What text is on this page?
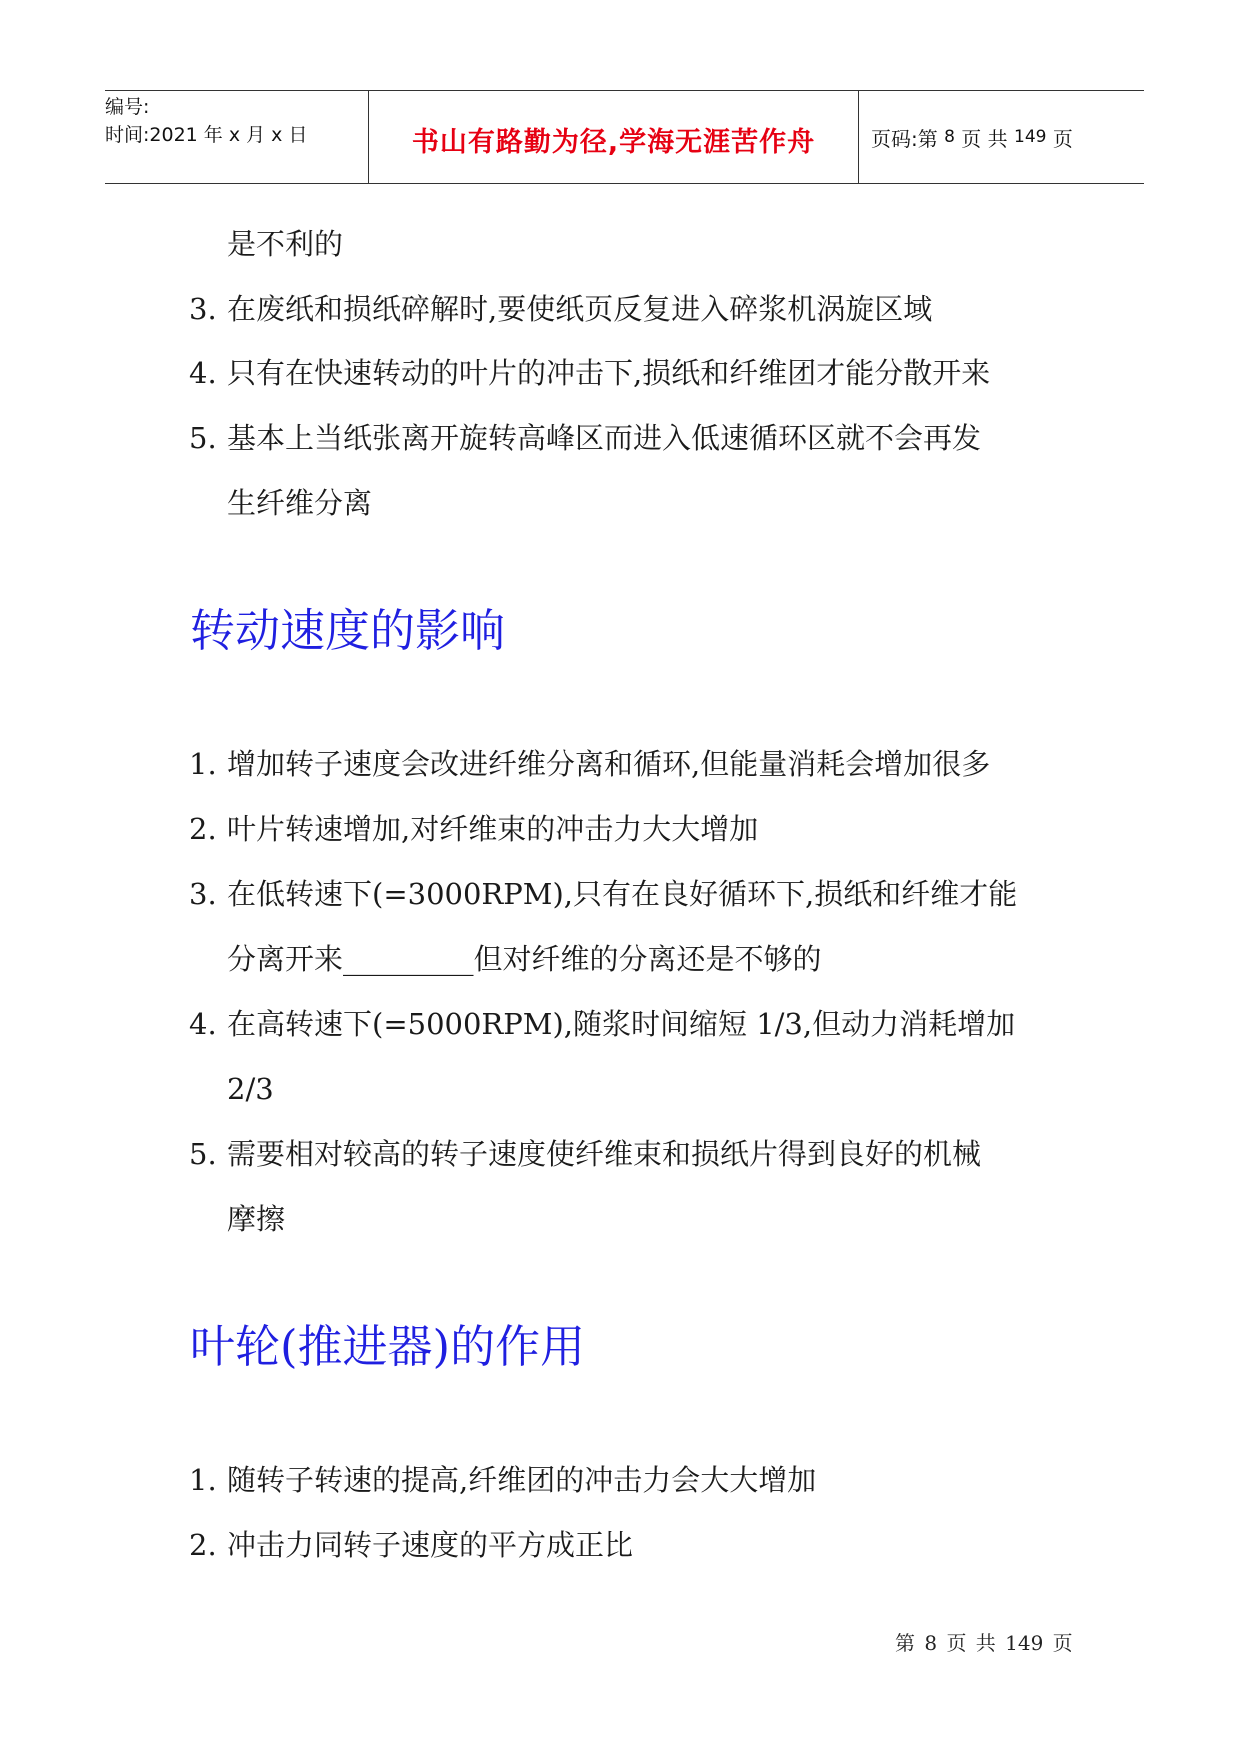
编号:
时间:2021 年 x 月 x 日	书山有路勤为径,学海无涯苦作舟	页码:第
8
页 共
149
页
是不利的
3. 在废纸和损纸碎解时,要使纸页反复进入碎浆机涡旋区域
4. 只有在快速转动的叶片的冲击下,损纸和纤维团才能分散开来
5. 基本上当纸张离开旋转高峰区而进入低速循环区就不会再发
生纤维分离
转动速度的影响
1. 增加转子速度会改进纤维分离和循环,但能量消耗会增加很多
2. 叶片转速增加,对纤维束的冲击力大大增加
3. 在低转速下(=3000RPM),只有在良好循环下,损纸和纤维才能
分离开来_________但对纤维的分离还是不够的
4. 在高转速下(=5000RPM),随浆时间缩短 1/3,但动力消耗增加
2/3
5. 需要相对较高的转子速度使纤维束和损纸片得到良好的机械
摩擦
叶轮(推进器)的作用
1. 随转子转速的提高,纤维团的冲击力会大大增加
2. 冲击力同转子速度的平方成正比
第 8 页 共 149 页
